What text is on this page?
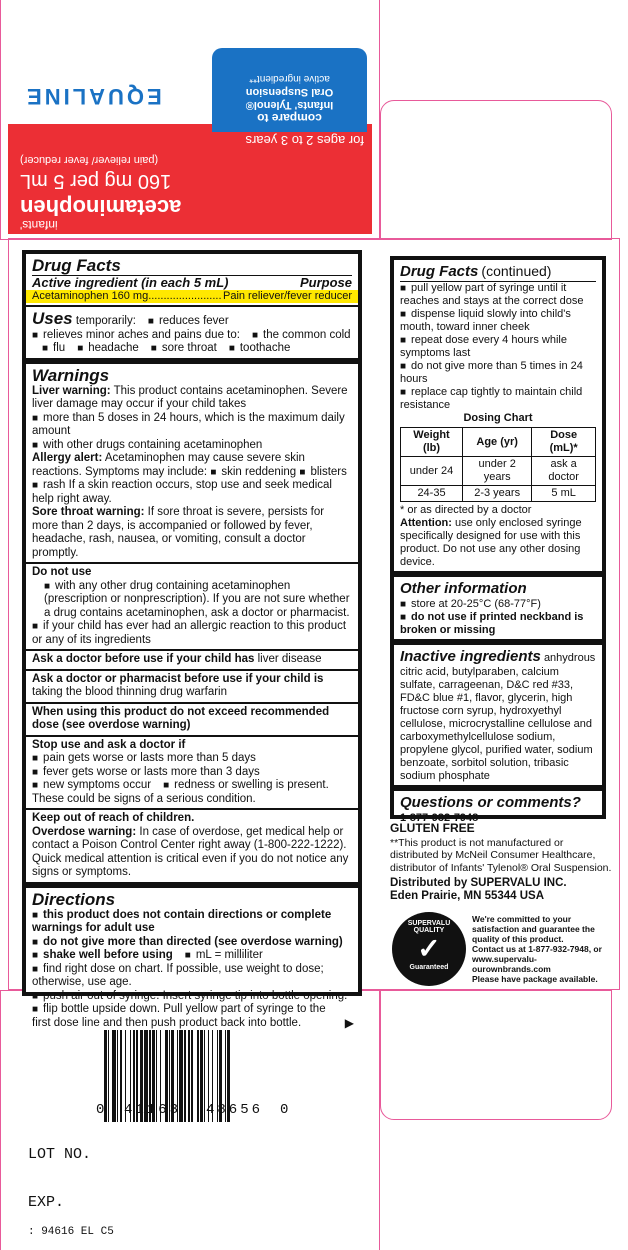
for ages 2 to 3 years
infants'
acetaminophen
160 mg per 5 mL
(pain reliever/ fever reducer)
EQUALINE
compare to
Infants' Tylenol®
Oral Suspension
active ingredient**
Drug Facts
Active ingredient (in each 5 mL)	Purpose
Acetaminophen 160 mg........................ Pain reliever/fever reducer
Uses temporarily: ■ reduces fever
■ relieves minor aches and pains due to: ■ the common cold
■ flu ■ headache ■ sore throat ■ toothache
Warnings
Liver warning: This product contains acetaminophen. Severe liver damage may occur if your child takes
■ more than 5 doses in 24 hours, which is the maximum daily amount
■ with other drugs containing acetaminophen
Allergy alert: Acetaminophen may cause severe skin reactions. Symptoms may include: ■ skin reddening ■ blisters ■ rash If a skin reaction occurs, stop use and seek medical help right away.
Sore throat warning: If sore throat is severe, persists for more than 2 days, is accompanied or followed by fever, headache, rash, nausea, or vomiting, consult a doctor promptly.
Do not use ■ with any other drug containing acetaminophen (prescription or nonprescription). If you are not sure whether a drug contains acetaminophen, ask a doctor or pharmacist.
■ if your child has ever had an allergic reaction to this product or any of its ingredients
Ask a doctor before use if your child has liver disease
Ask a doctor or pharmacist before use if your child is taking the blood thinning drug warfarin
When using this product do not exceed recommended dose (see overdose warning)
Stop use and ask a doctor if
■ pain gets worse or lasts more than 5 days
■ fever gets worse or lasts more than 3 days
■ new symptoms occur ■ redness or swelling is present.
These could be signs of a serious condition.
Keep out of reach of children.
Overdose warning: In case of overdose, get medical help or contact a Poison Control Center right away (1-800-222-1222). Quick medical attention is critical even if you do not notice any signs or symptoms.
Directions
■ this product does not contain directions or complete warnings for adult use
■ do not give more than directed (see overdose warning)
■ shake well before using ■ mL = milliliter
■ find right dose on chart. If possible, use weight to dose; otherwise, use age.
■ push air out of syringe. Insert syringe tip into bottle opening.
■ flip bottle upside down. Pull yellow part of syringe to the first dose line and then push product back into bottle.	▶
Drug Facts (continued)
■ pull yellow part of syringe until it reaches and stays at the correct dose
■ dispense liquid slowly into child's mouth, toward inner cheek
■ repeat dose every 4 hours while symptoms last
■ do not give more than 5 times in 24 hours
■ replace cap tightly to maintain child resistance
Dosing Chart
Weight (lb)	Age (yr)	Dose (mL)*
under 24	under 2 years	ask a doctor
24-35	2-3 years	5 mL
* or as directed by a doctor
Attention: use only enclosed syringe specifically designed for use with this product. Do not use any other dosing device.
Other information
■ store at 20-25°C (68-77°F)
■ do not use if printed neckband is broken or missing
Inactive ingredients anhydrous citric acid, butylparaben, calcium sulfate, carrageenan, D&C red #33, FD&C blue #1, flavor, glycerin, high fructose corn syrup, hydroxyethyl cellulose, microcrystalline cellulose and carboxymethylcellulose sodium, propylene glycol, purified water, sodium benzoate, sorbitol solution, tribasic sodium phosphate
Questions or comments?
1-877-932-7948
GLUTEN FREE
**This product is not manufactured or distributed by McNeil Consumer Healthcare, distributor of Infants' Tylenol® Oral Suspension.
Distributed by SUPERVALU INC.
Eden Prairie, MN 55344 USA
SUPERVALU QUALITY
✓
Guaranteed
We're committed to your satisfaction and guarantee the quality of this product.
Contact us at 1-877-932-7948, or www.supervalu-ourownbrands.com
Please have package available.
0 41163 48656 0
LOT NO.
EXP.
: 94616 EL C5
